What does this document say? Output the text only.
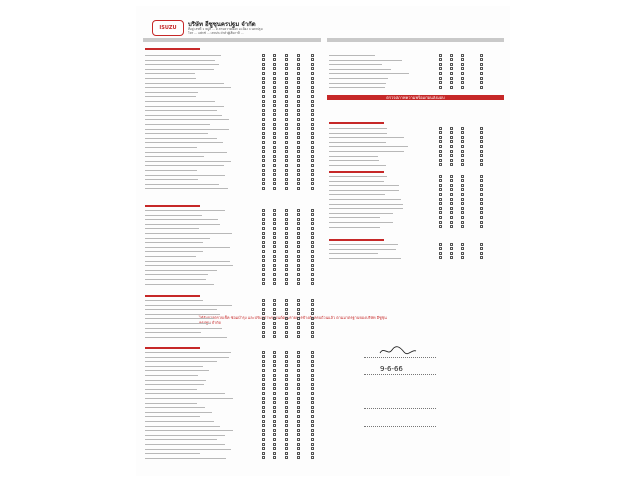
ISUZU	บริษัท อีซูซุนครปฐม จำกัด
ที่อยู่ เลขที่ 1 หมู่ที่ ... ต.สามควายเผือก อ.เมือง จ.นครปฐม
โทร ... แฟกซ์ ... เลขประจำตัวผู้เสียภาษี ...
ตรวจสภาพความพร้อมก่อนส่งมอบ
ได้รับการตรวจเช็ค ซ่อมบำรุง และปรับสภาพรถยนต์ตามรายการข้างต้นครบถ้วนแล้ว ตามมาตรฐานของบริษัท อีซูซุนครปฐม จำกัด
9-6-66
